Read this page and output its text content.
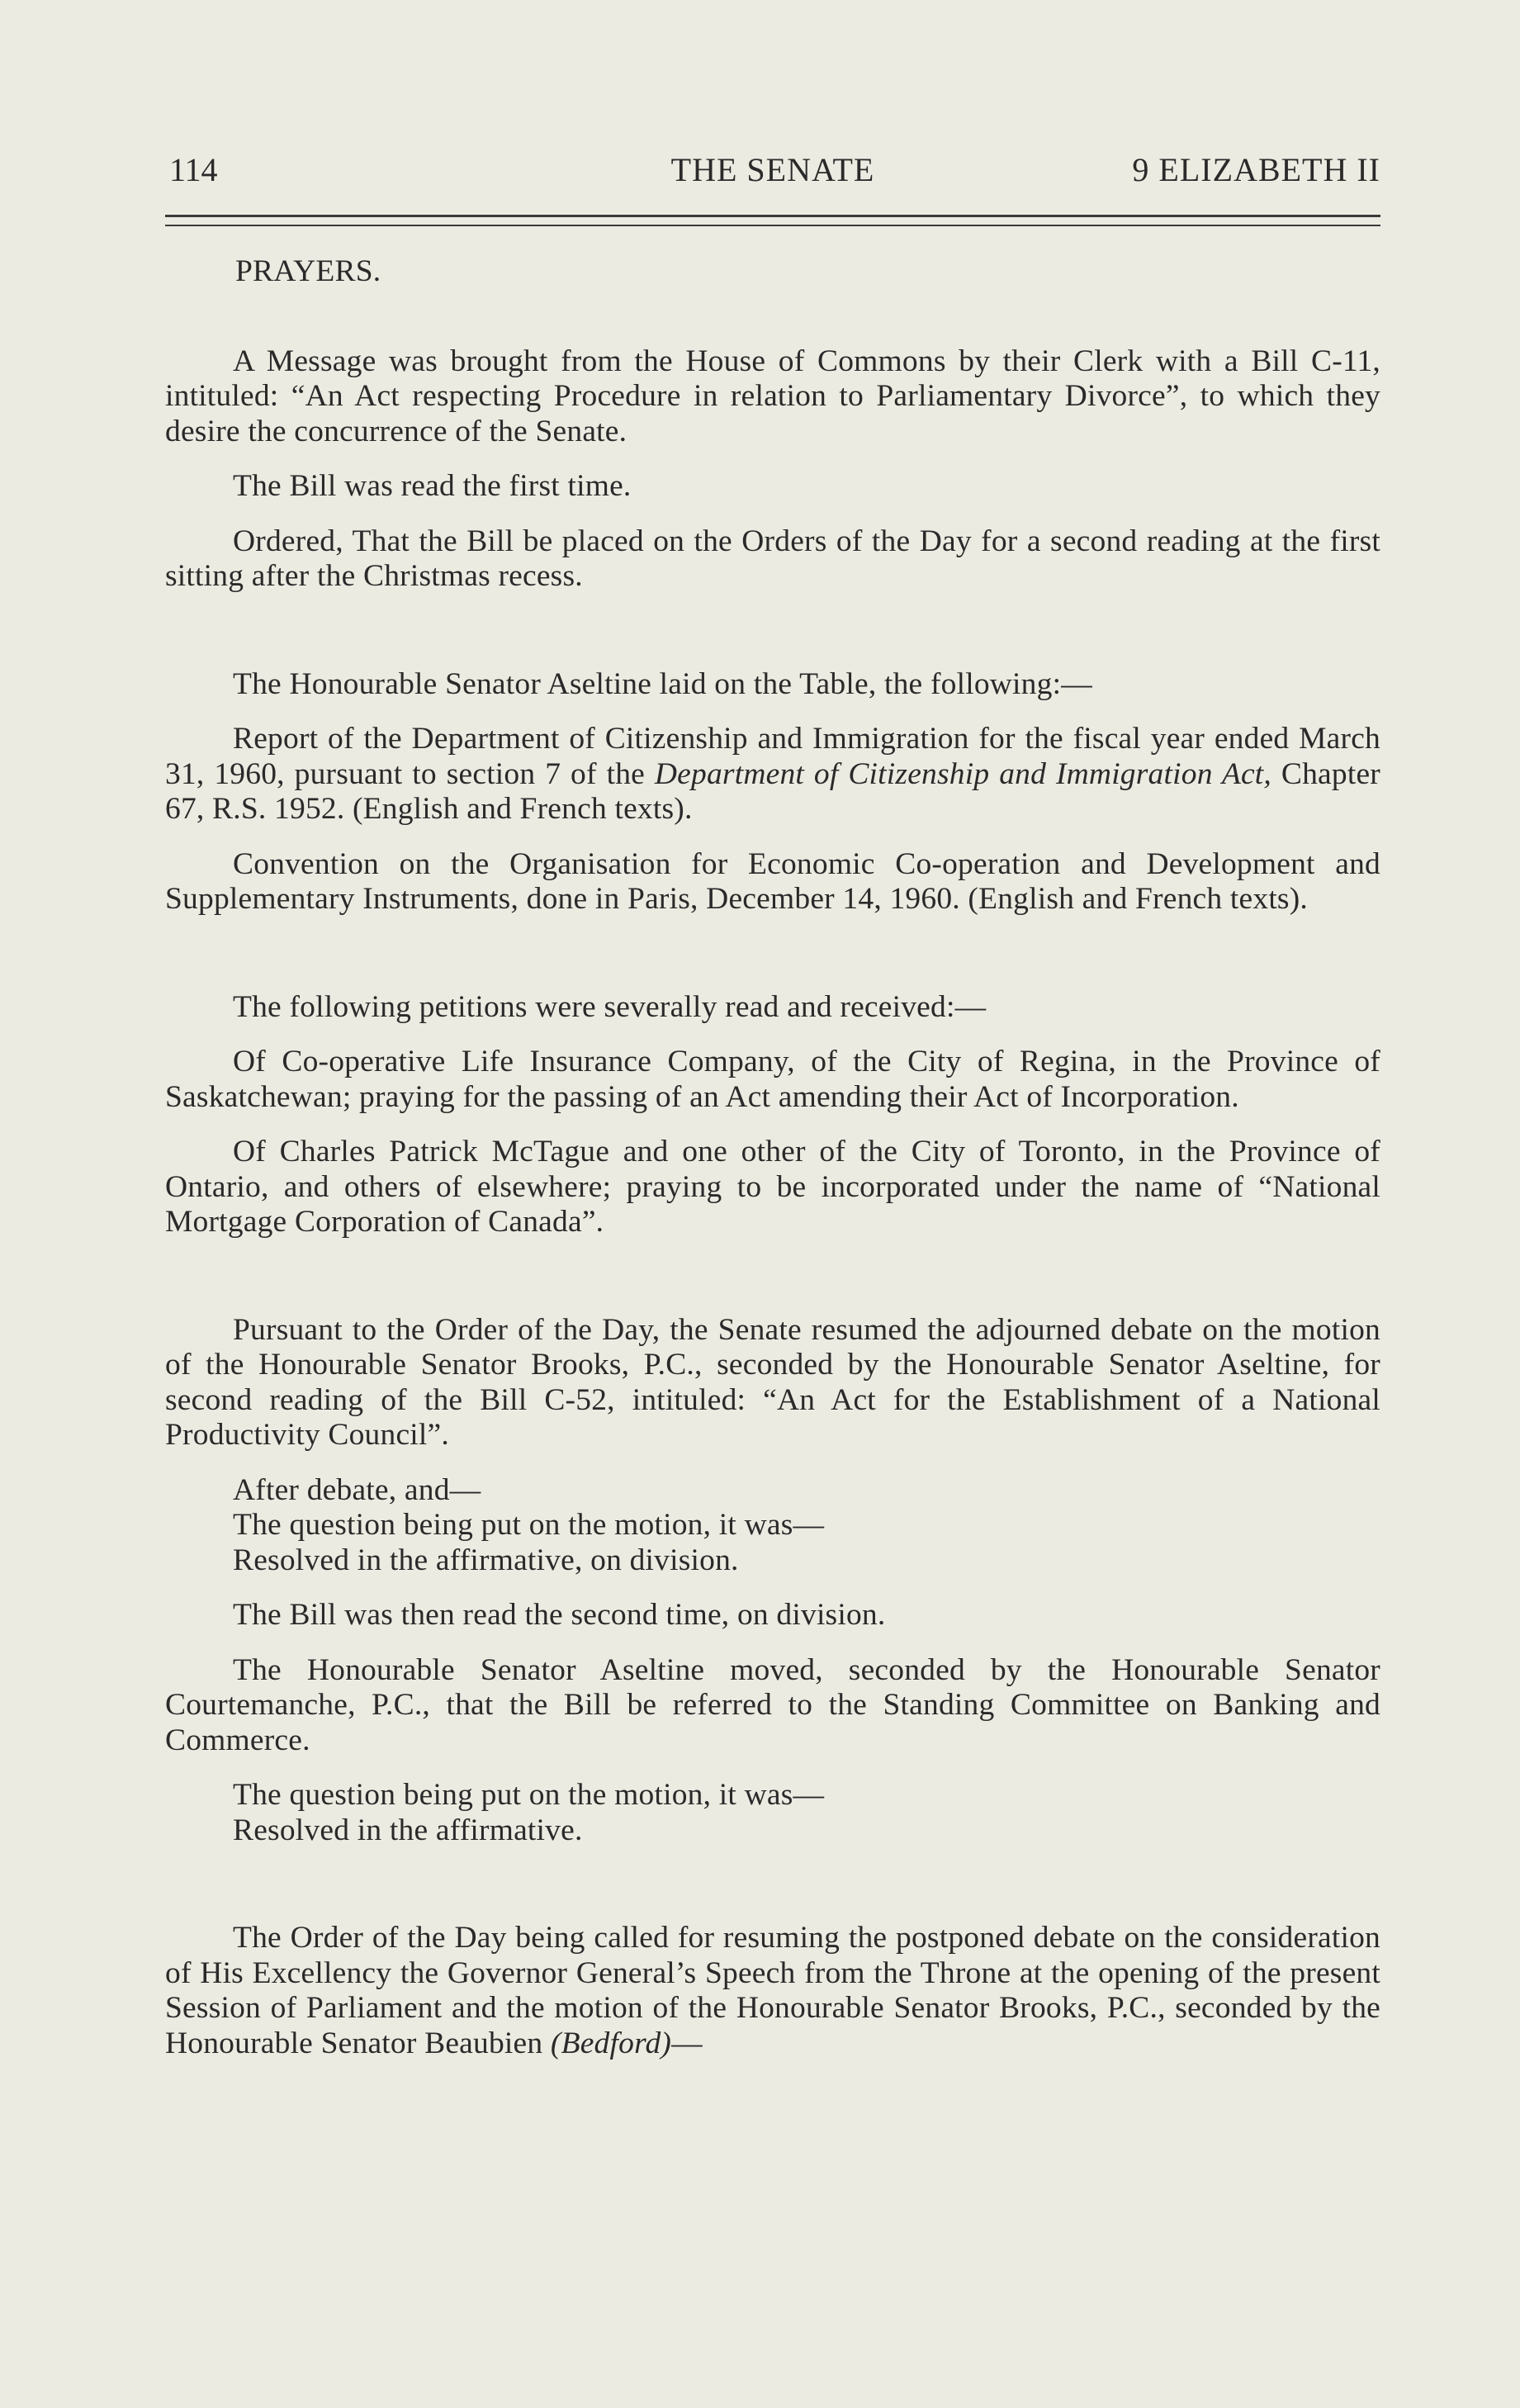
114	THE SENATE	9 ELIZABETH II

PRAYERS.

A Message was brought from the House of Commons by their Clerk with a Bill C-11, intituled: “An Act respecting Procedure in relation to Parliamentary Divorce”, to which they desire the concurrence of the Senate.

The Bill was read the first time.

Ordered, That the Bill be placed on the Orders of the Day for a second reading at the first sitting after the Christmas recess.

The Honourable Senator Aseltine laid on the Table, the following:—

Report of the Department of Citizenship and Immigration for the fiscal year ended March 31, 1960, pursuant to section 7 of the Department of Citizenship and Immigration Act, Chapter 67, R.S. 1952. (English and French texts).

Convention on the Organisation for Economic Co-operation and Development and Supplementary Instruments, done in Paris, December 14, 1960. (English and French texts).

The following petitions were severally read and received:—

Of Co-operative Life Insurance Company, of the City of Regina, in the Province of Saskatchewan; praying for the passing of an Act amending their Act of Incorporation.

Of Charles Patrick McTague and one other of the City of Toronto, in the Province of Ontario, and others of elsewhere; praying to be incorporated under the name of “National Mortgage Corporation of Canada”.

Pursuant to the Order of the Day, the Senate resumed the adjourned debate on the motion of the Honourable Senator Brooks, P.C., seconded by the Honourable Senator Aseltine, for second reading of the Bill C-52, intituled: “An Act for the Establishment of a National Productivity Council”.

After debate, and—

The question being put on the motion, it was—

Resolved in the affirmative, on division.

The Bill was then read the second time, on division.

The Honourable Senator Aseltine moved, seconded by the Honourable Senator Courtemanche, P.C., that the Bill be referred to the Standing Committee on Banking and Commerce.

The question being put on the motion, it was—

Resolved in the affirmative.

The Order of the Day being called for resuming the postponed debate on the consideration of His Excellency the Governor General’s Speech from the Throne at the opening of the present Session of Parliament and the motion of the Honourable Senator Brooks, P.C., seconded by the Honourable Senator Beaubien (Bedford)—
